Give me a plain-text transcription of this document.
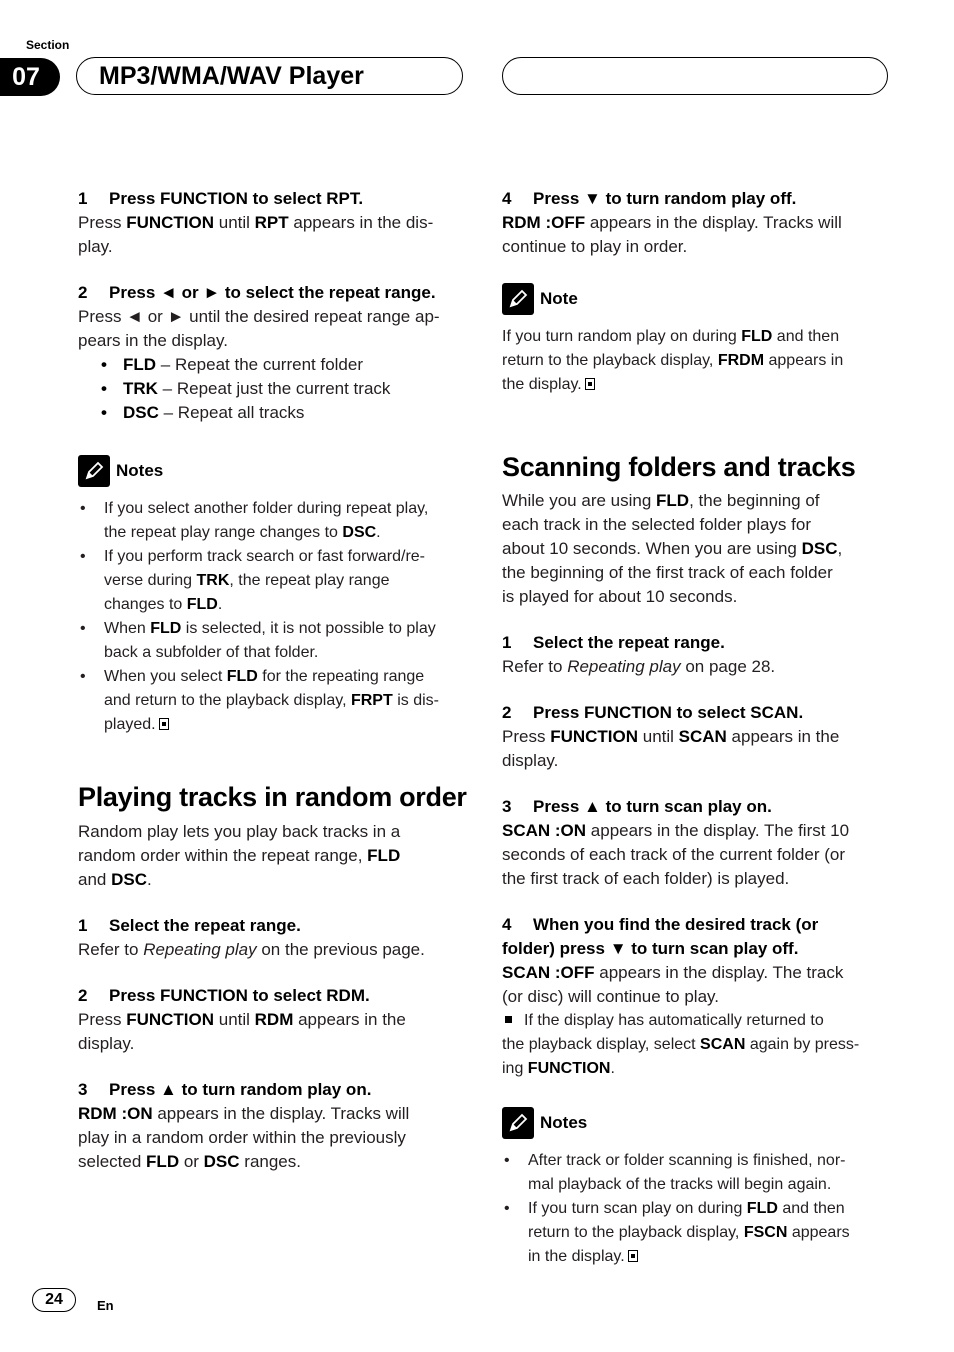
Section
07	MP3/WMA/WAV Player

1 Press FUNCTION to select RPT.

Press FUNCTION until RPT appears in the dis-
play.

2 Press ◄ or ► to select the repeat range.

Press ◄ or ► until the desired repeat range ap-
pears in the display.

• FLD – Repeat the current folder
• TRK – Repeat just the current track
• DSC – Repeat all tracks
Notes
• If you select another folder during repeat play,
the repeat play range changes to DSC.
• If you perform track search or fast forward/re-
verse during TRK, the repeat play range
changes to FLD.
• When FLD is selected, it is not possible to play
back a subfolder of that folder.
• When you select FLD for the repeating range
and return to the playback display, FRPT is dis-
played.
Playing tracks in random order

Random play lets you play back tracks in a
random order within the repeat range, FLD
and DSC.

1 Select the repeat range.

Refer to Repeating play on the previous page.

2 Press FUNCTION to select RDM.

Press FUNCTION until RDM appears in the
display.

3 Press ▲ to turn random play on.

RDM :ON appears in the display. Tracks will
play in a random order within the previously
selected FLD or DSC ranges.

4 Press ▼ to turn random play off.

RDM :OFF appears in the display. Tracks will
continue to play in order.

Note

If you turn random play on during FLD and then
return to the playback display, FRDM appears in
the display.

Scanning folders and tracks

While you are using FLD, the beginning of
each track in the selected folder plays for
about 10 seconds. When you are using DSC,
the beginning of the first track of each folder
is played for about 10 seconds.

1 Select the repeat range.

Refer to Repeating play on page 28.

2 Press FUNCTION to select SCAN.

Press FUNCTION until SCAN appears in the
display.

3 Press ▲ to turn scan play on.

SCAN :ON appears in the display. The first 10
seconds of each track of the current folder (or
the first track of each folder) is played.

4 When you find the desired track (or
folder) press ▼ to turn scan play off.

SCAN :OFF appears in the display. The track
(or disc) will continue to play.

If the display has automatically returned to
the playback display, select SCAN again by press-
ing FUNCTION.

Notes
• After track or folder scanning is finished, nor-
mal playback of the tracks will begin again.
• If you turn scan play on during FLD and then
return to the playback display, FSCN appears
in the display.
24	En
